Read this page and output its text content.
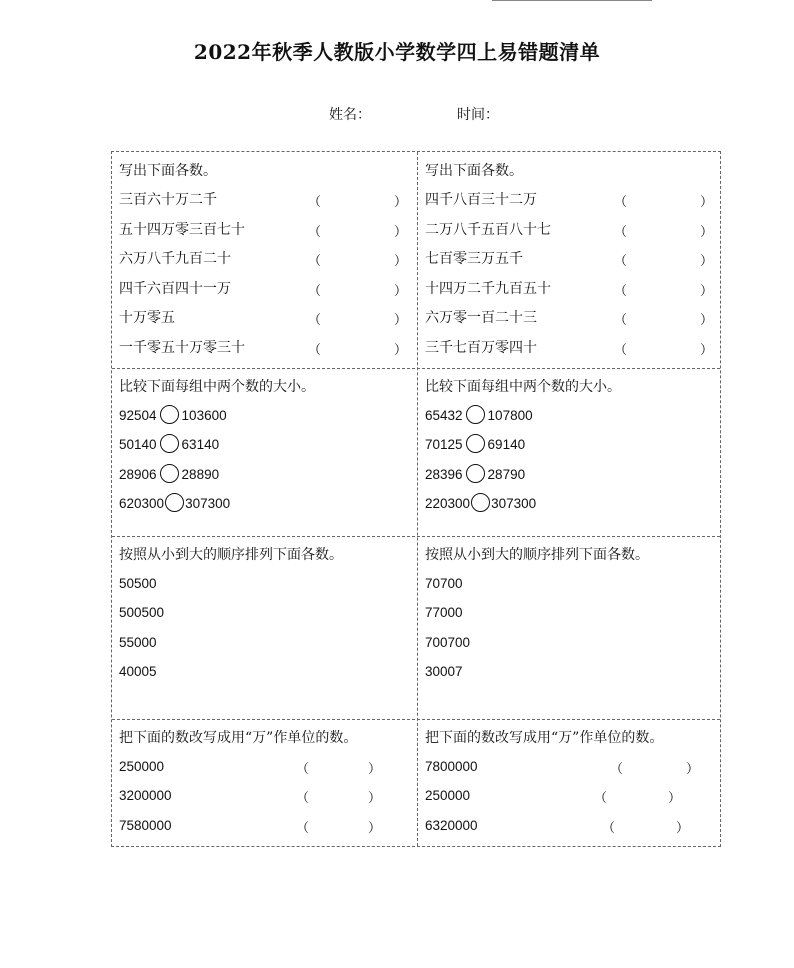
2022年秋季人教版小学数学四上易错题清单
姓名：	时间：
写出下面各数。
三百六十万二千	（	）
五十四万零三百七十	（	）
六万八千九百二十	（	）
四千六百四十一万	（	）
十万零五	（	）
一千零五十万零三十	（	）
写出下面各数。
四千八百三十二万	（	）
二万八千五百八十七	（	）
七百零三万五千	（	）
十四万二千九百五十	（	）
六万零一百二十三	（	）
三千七百万零四十	（	）
比较下面每组中两个数的大小。
92504 103600
50140 63140
28906 28890
620300 307300
比较下面每组中两个数的大小。
65432 107800
70125 69140
28396 28790
220300 307300
按照从小到大的顺序排列下面各数。
50500
500500
55000
40005
按照从小到大的顺序排列下面各数。
70700
77000
700700
30007
把下面的数改写成用“万”作单位的数。
250000	（	）
3200000	（	）
7580000	（	）
把下面的数改写成用“万”作单位的数。
7800000	（	）
250000	（	）
6320000	（	）
